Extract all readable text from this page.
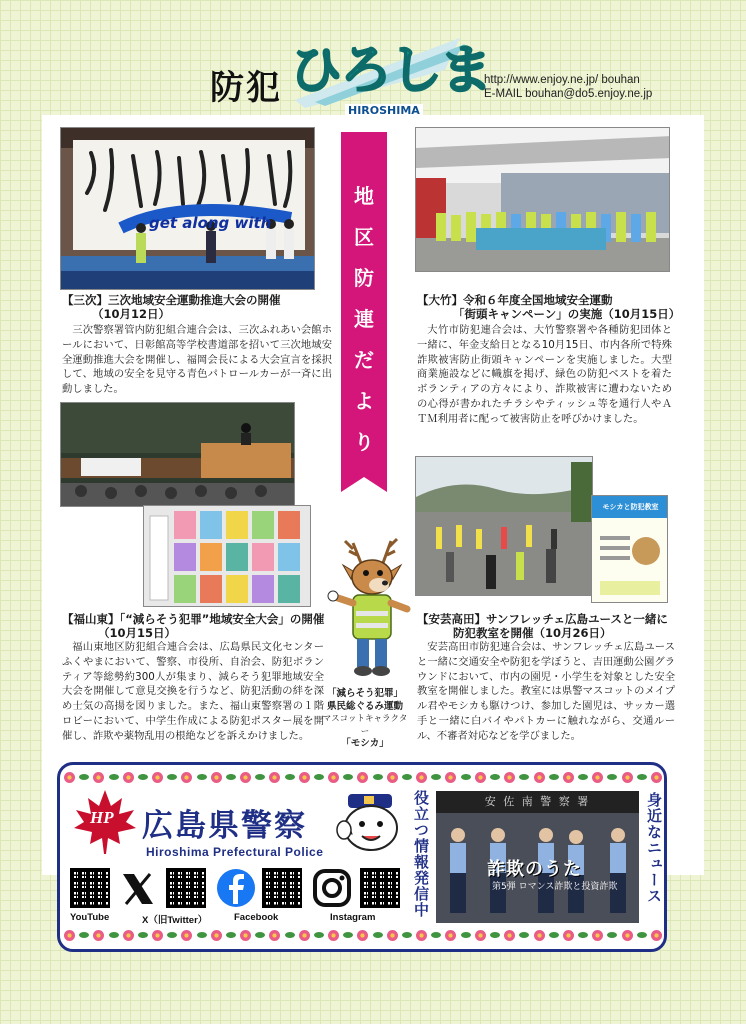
防犯 ひろしま
HIROSHIMA
http://www.enjoy.ne.jp/ bouhan
E-MAIL bouhan@do5.enjoy.ne.jp
get along with
【三次】三次地域安全運動推進大会の開催
（10月12日）
三次警察署管内防犯組合連合会は、三次ふれあい会館ホールにおいて、日彰館高等学校書道部を招いて三次地域安全運動推進大会を開催し、福岡会長による大会宣言を採択して、地域の安全を見守る青色パトロールカーが一斉に出動しました。
【大竹】令和６年度全国地域安全運動
「街頭キャンペーン」の実施（10月15日）
大竹市防犯連合会は、大竹警察署や各種防犯団体と一緒に、年金支給日となる10月15日、市内各所で特殊詐欺被害防止街頭キャンペーンを実施しました。大型商業施設などに幟旗を掲げ、緑色の防犯ベストを着たボランティアの方々により、詐欺被害に遭わないための心得が書かれたチラシやティッシュ等を通行人やＡＴＭ利用者に配って被害防止を呼びかけました。
地
区
防
連
だ
よ
り
モシカと防犯教室
「減らそう犯罪」
県民総ぐるみ運動
マスコットキャラクター
「モシカ」
【福山東】「“減らそう犯罪”地域安全大会」の開催
（10月15日）
福山東地区防犯組合連合会は、広島県民文化センターふくやまにおいて、警察、市役所、自治会、防犯ボランティア等総勢約300人が集まり、減らそう犯罪地域安全大会を開催して意見交換を行うなど、防犯活動の絆を深め士気の高揚を図りました。また、福山東警察署の１階ロビーにおいて、中学生作成による防犯ポスター展を開催し、詐欺や薬物乱用の根絶などを訴えかけました。
【安芸高田】サンフレッチェ広島ユースと一緒に
防犯教室を開催（10月26日）
安芸高田市防犯連合会は、サンフレッチェ広島ユースと一緒に交通安全や防犯を学ぼうと、吉田運動公園グラウンドにおいて、市内の園児・小学生を対象とした安全教室を開催しました。教室には県警マスコットのメイプル君やモシカも駆けつけ、参加した園児は、サッカー選手と一緒に白バイやパトカーに触れながら、交通ルール、不審者対応などを学びました。
HP 広島県警察
Hiroshima Prefectural Police	役立つ情報発信中	身近なニュース
安 佐 南 警 察 署
詐欺のうた
第5弾 ロマンス詐欺と投資詐欺
YouTube	X（旧Twitter）	Facebook	Instagram
